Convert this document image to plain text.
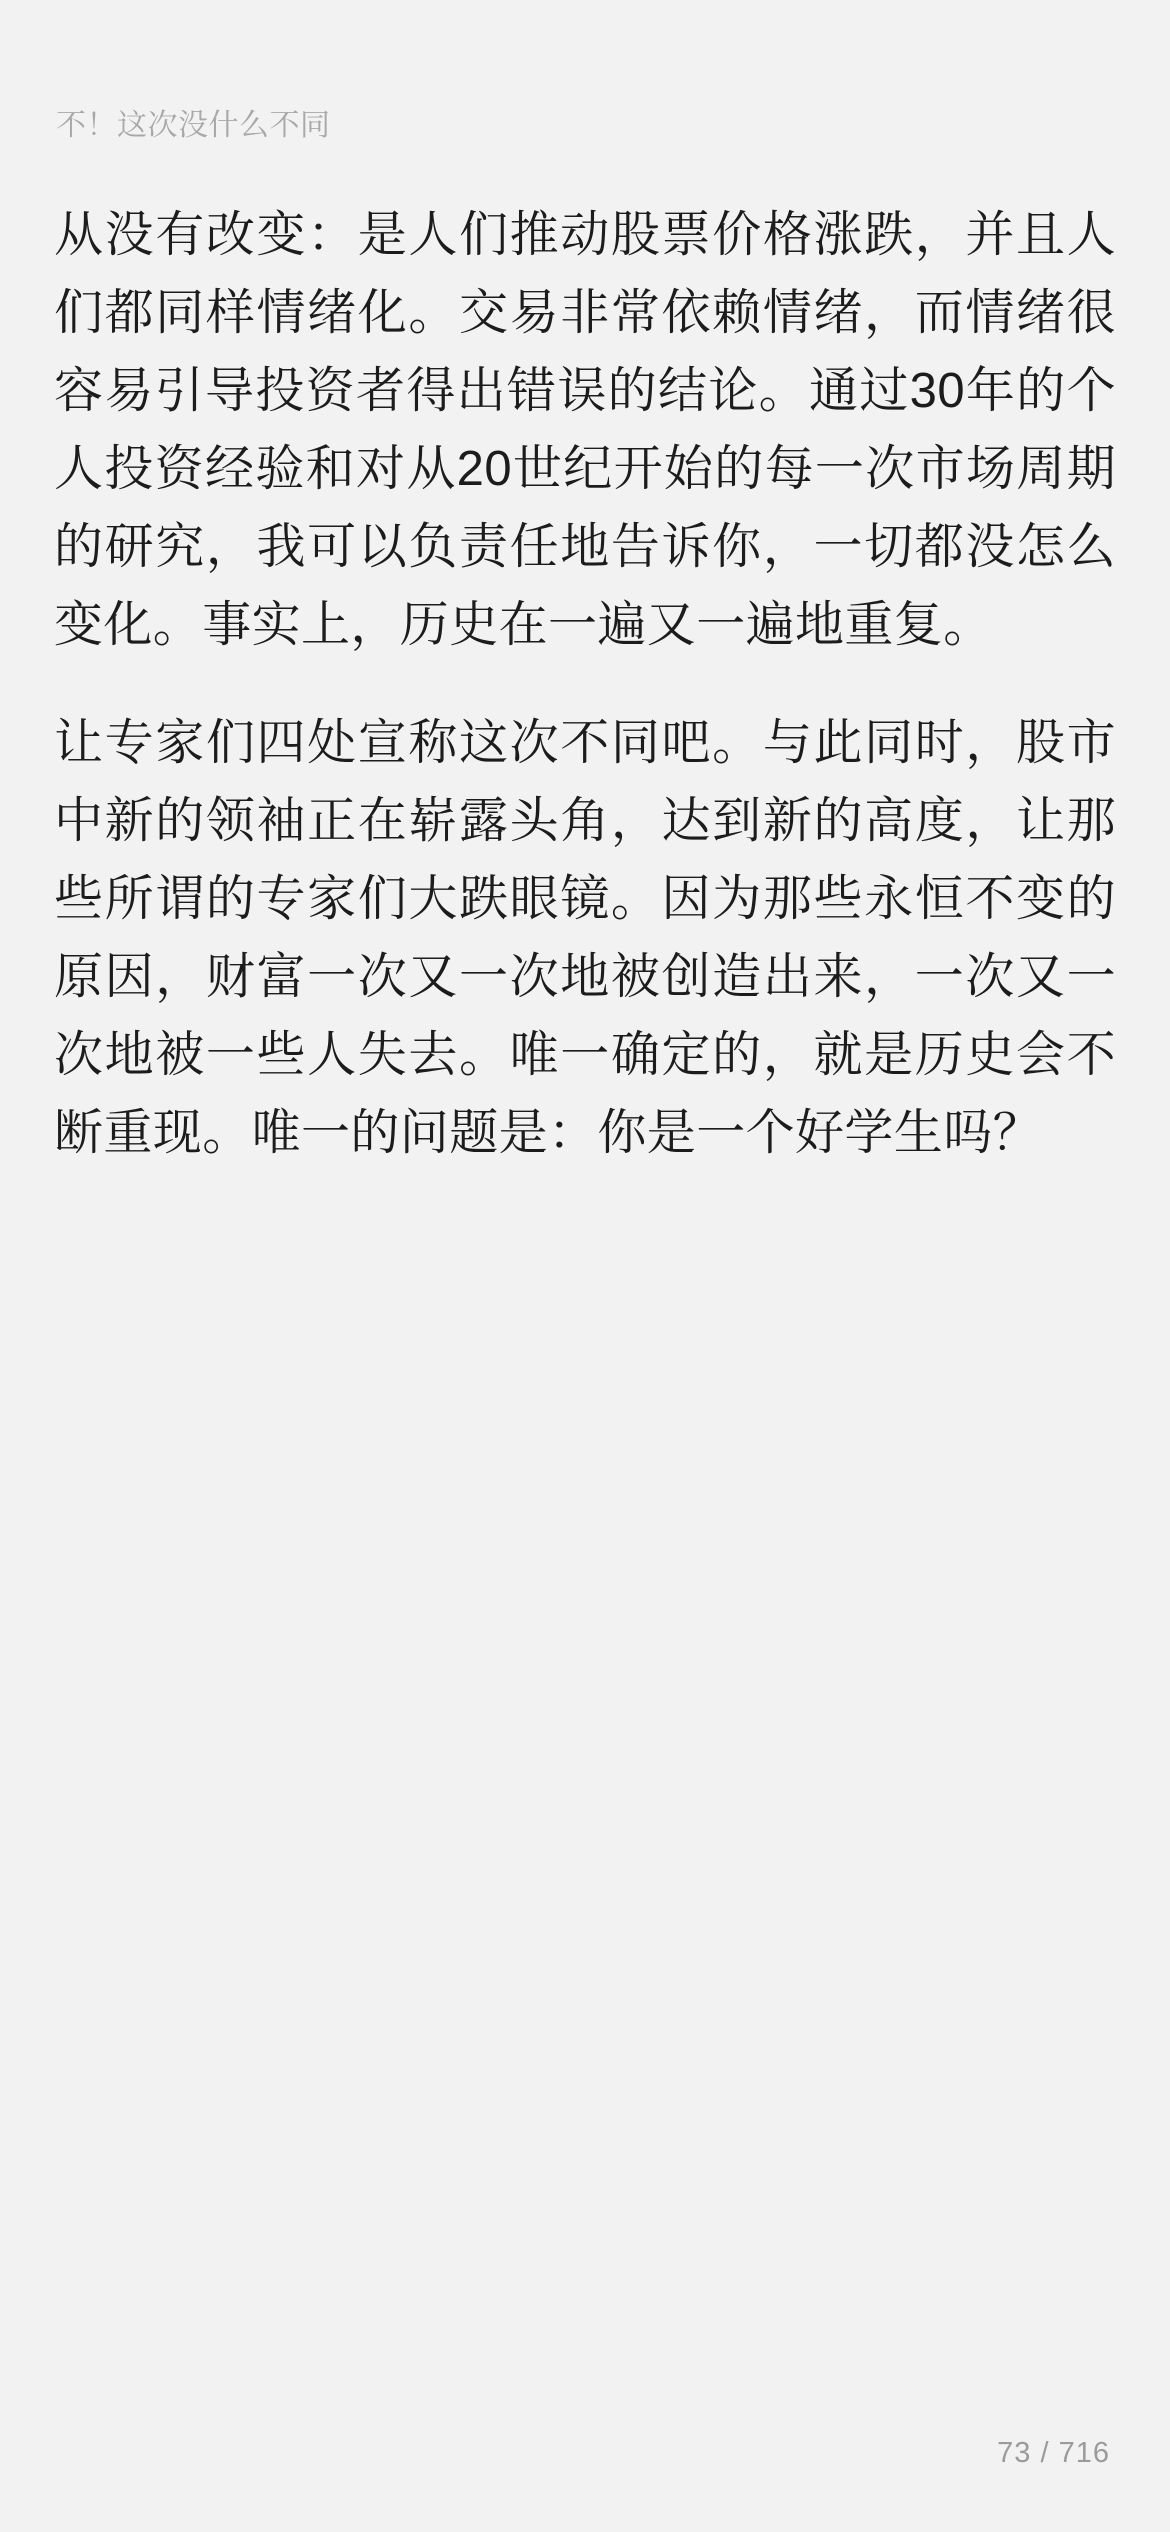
不！这次没什么不同

从没有改变：是人们推动股票价格涨跌，并且人们都同样情绪化。交易非常依赖情绪，而情绪很容易引导投资者得出错误的结论。通过30年的个人投资经验和对从20世纪开始的每一次市场周期的研究，我可以负责任地告诉你，一切都没怎么变化。事实上，历史在一遍又一遍地重复。

让专家们四处宣称这次不同吧。与此同时，股市中新的领袖正在崭露头角，达到新的高度，让那些所谓的专家们大跌眼镜。因为那些永恒不变的原因，财富一次又一次地被创造出来，一次又一次地被一些人失去。唯一确定的，就是历史会不断重现。唯一的问题是：你是一个好学生吗？

73 / 716
